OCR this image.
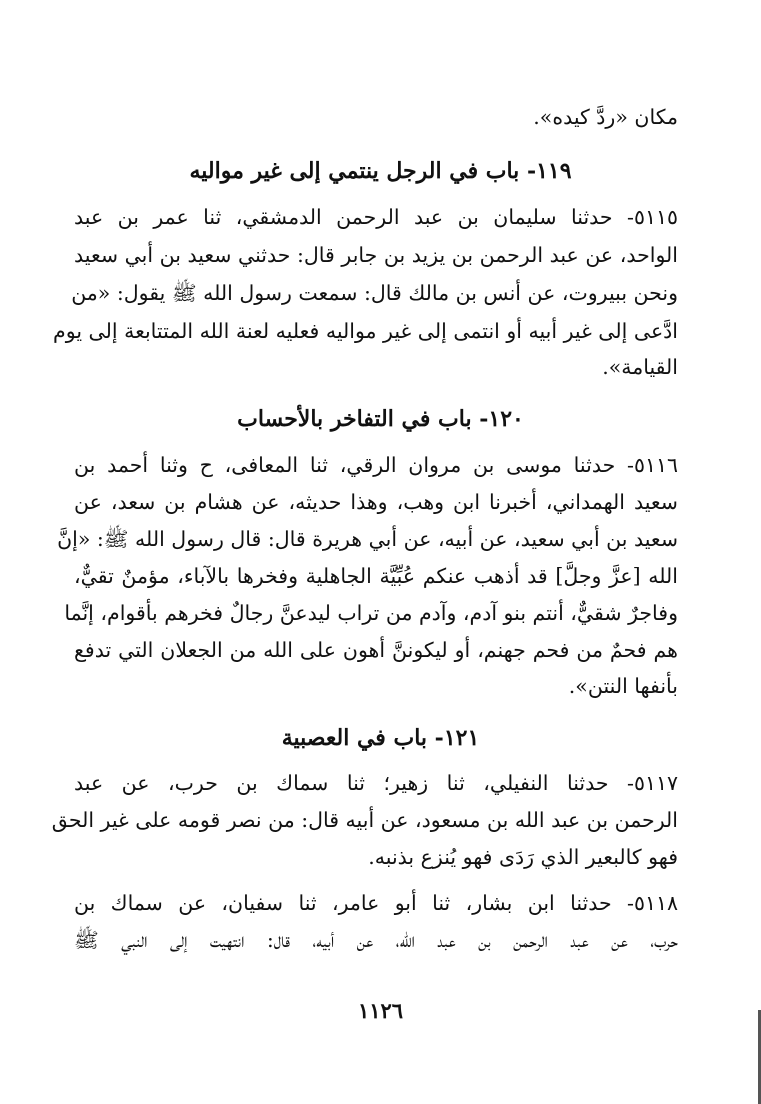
مكان «ردَّ كيده».
١١٩- باب في الرجل ينتمي إلى غير مواليه
٥١١٥- حدثنا سليمان بن عبد الرحمن الدمشقي، ثنا عمر بن عبد
الواحد، عن عبد الرحمن بن يزيد بن جابر قال: حدثني سعيد بن أبي سعيد
ونحن ببيروت، عن أنس بن مالك قال: سمعت رسول الله ﷺ يقول: «من
ادَّعى إلى غير أبيه أو انتمى إلى غير مواليه فعليه لعنة الله المتتابعة إلى يوم
القيامة».
١٢٠- باب في التفاخر بالأحساب
٥١١٦- حدثنا موسى بن مروان الرقي، ثنا المعافى، ح وثنا أحمد بن
سعيد الهمداني، أخبرنا ابن وهب، وهذا حديثه، عن هشام بن سعد، عن
سعيد بن أبي سعيد، عن أبيه، عن أبي هريرة قال: قال رسول الله ﷺ: «إنَّ
الله [عزَّ وجلَّ] قد أذهب عنكم عُبِّيَّة الجاهلية وفخرها بالآباء، مؤمنٌ تقيٌّ،
وفاجرٌ شقيٌّ، أنتم بنو آدم، وآدم من تراب ليدعنَّ رجالٌ فخرهم بأقوام، إنَّما
هم فحمٌ من فحم جهنم، أو ليكوننَّ أهون على الله من الجعلان التي تدفع
بأنفها النتن».
١٢١- باب في العصبية
٥١١٧- حدثنا النفيلي، ثنا زهير؛ ثنا سماك بن حرب، عن عبد
الرحمن بن عبد الله بن مسعود، عن أبيه قال: من نصر قومه على غير الحق
فهو كالبعير الذي رَدَى فهو يُنزع بذنبه.
٥١١٨- حدثنا ابن بشار، ثنا أبو عامر، ثنا سفيان، عن سماك بن
حرب، عن عبد الرحمن بن عبد الله، عن أبيه، قال: انتهيت إلى النبي ﷺ
١١٢٦
